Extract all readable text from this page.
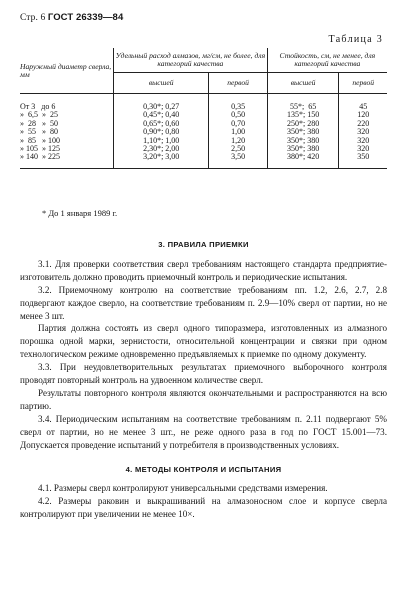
Стр. 6 ГОСТ 26339—84
Таблица 3
Наружный диаметр сверла, мм	Удельный расход алмазов, мг/см, не более, для категорий качества		Стойкость, см, не менее, для категорий качества	
	высшей	первой	высшей	первой
От 3   до 6	0,30*; 0,27	0,35	55*;  65	45
»  6,5  »  25	0,45*; 0,40	0,50	135*; 150	120
»  28   »  50	0,65*; 0,60	0,70	250*; 280	220
»  55   »  80	0,90*; 0,80	1,00	350*; 380	320
»  85   » 100	1,10*; 1,00	1,20	350*; 380	320
» 105  » 125	2,30*; 2,00	2,50	350*; 380	320
» 140  » 225	3,20*; 3,00	3,50	380*; 420	350
* До 1 января 1989 г.
3. ПРАВИЛА ПРИЕМКИ

3.1. Для проверки соответствия сверл требованиям настоящего стандарта предприятие-изготовитель должно проводить приемочный контроль и периодические испытания.

3.2. Приемочному контролю на соответствие требованиям пп. 1.2, 2.6, 2.7, 2.8 подвергают каждое сверло, на соответствие требованиям п. 2.9—10% сверл от партии, но не менее 3 шт.

Партия должна состоять из сверл одного типоразмера, изготовленных из алмазного порошка одной марки, зернистости, относительной концентрации и связки при одном технологическом режиме одновременно предъявляемых к приемке по одному документу.

3.3. При неудовлетворительных результатах приемочного выборочного контроля проводят повторный контроль на удвоенном количестве сверл.

Результаты повторного контроля являются окончательными и распространяются на всю партию.

3.4. Периодическим испытаниям на соответствие требованиям п. 2.11 подвергают 5% сверл от партии, но не менее 3 шт., не реже одного раза в год по ГОСТ 15.001—73. Допускается проведение испытаний у потребителя в производственных условиях.

4. МЕТОДЫ КОНТРОЛЯ И ИСПЫТАНИЯ

4.1. Размеры сверл контролируют универсальными средствами измерения.

4.2. Размеры раковин и выкрашиваний на алмазоносном слое и корпусе сверла контролируют при увеличении не менее 10×.
